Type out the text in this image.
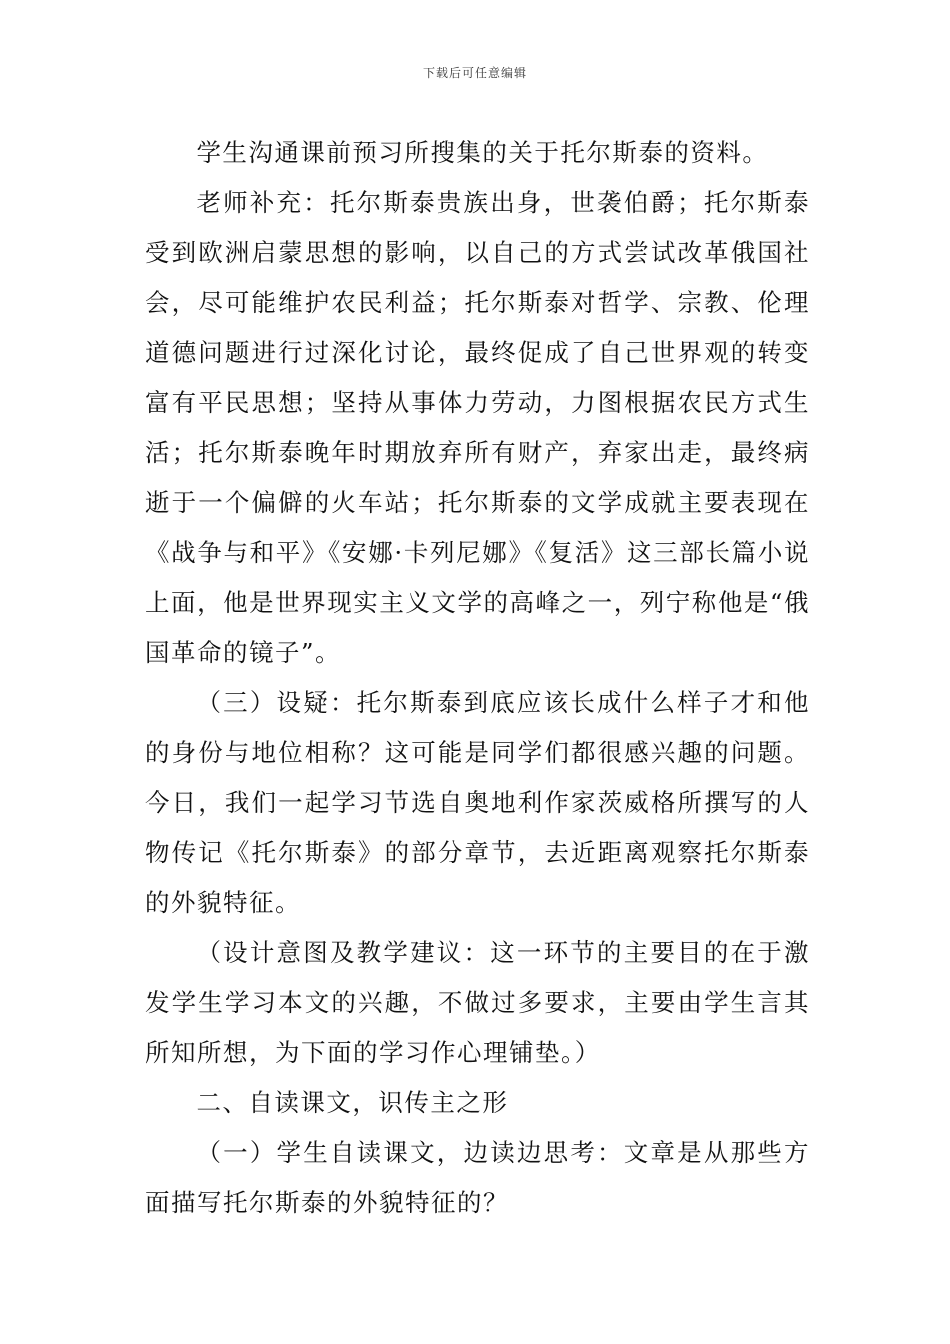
下载后可任意编辑

学生沟通课前预习所搜集的关于托尔斯泰的资料。

老师补充：托尔斯泰贵族出身，世袭伯爵；托尔斯泰受到欧洲启蒙思想的影响，以自己的方式尝试改革俄国社会，尽可能维护农民利益；托尔斯泰对哲学、宗教、伦理道德问题进行过深化讨论，最终促成了自己世界观的转变富有平民思想；坚持从事体力劳动，力图根据农民方式生活；托尔斯泰晚年时期放弃所有财产，弃家出走，最终病逝于一个偏僻的火车站；托尔斯泰的文学成就主要表现在《战争与和平》《安娜·卡列尼娜》《复活》这三部长篇小说上面，他是世界现实主义文学的高峰之一，列宁称他是“俄国革命的镜子”。

（三）设疑：托尔斯泰到底应该长成什么样子才和他的身份与地位相称？这可能是同学们都很感兴趣的问题。今日，我们一起学习节选自奥地利作家茨威格所撰写的人物传记《托尔斯泰》的部分章节，去近距离观察托尔斯泰的外貌特征。

（设计意图及教学建议：这一环节的主要目的在于激发学生学习本文的兴趣，不做过多要求，主要由学生言其所知所想，为下面的学习作心理铺垫。）

二、自读课文，识传主之形

（一）学生自读课文，边读边思考：文章是从那些方面描写托尔斯泰的外貌特征的？
